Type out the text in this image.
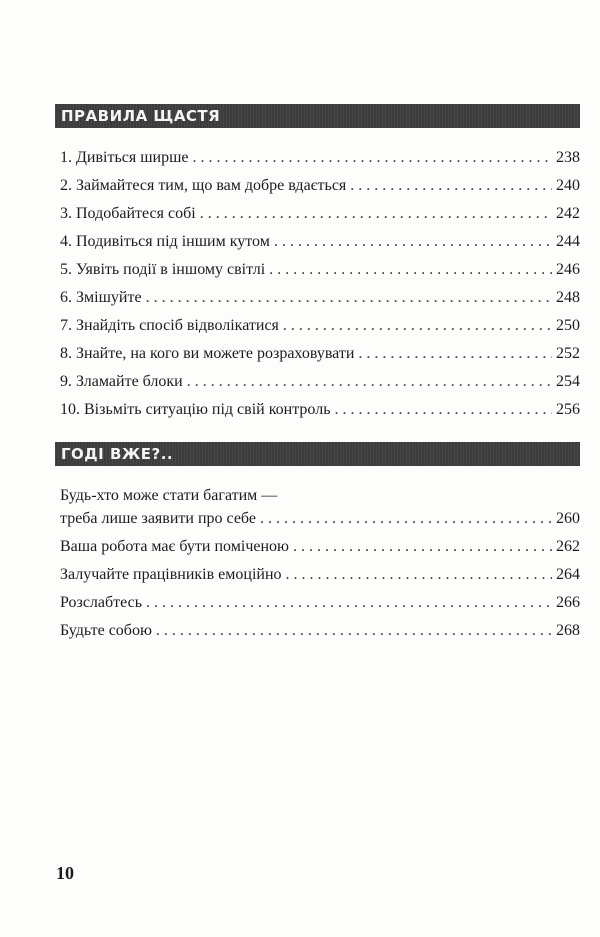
ПРАВИЛА ЩАСТЯ
1. Дивіться ширше . . .	238
2. Займайтеся тим, що вам добре вдається . . .	240
3. Подобайтеся собі . . .	242
4. Подивіться під іншим кутом . . .	244
5. Уявіть події в іншому світлі . . .	246
6. Змішуйте . . .	248
7. Знайдіть спосіб відволікатися . . .	250
8. Знайте, на кого ви можете розраховувати . . .	252
9. Зламайте блоки . . .	254
10. Візьміть ситуацію під свій контроль . . .	256
ГОДІ ВЖЕ?..
Будь-хто може стати багатим —
треба лише заявити про себе . . .	260
Ваша робота має бути поміченою . . .	262
Залучайте працівників емоційно . . .	264
Розслабтесь . . .	266
Будьте собою . . .	268
10
